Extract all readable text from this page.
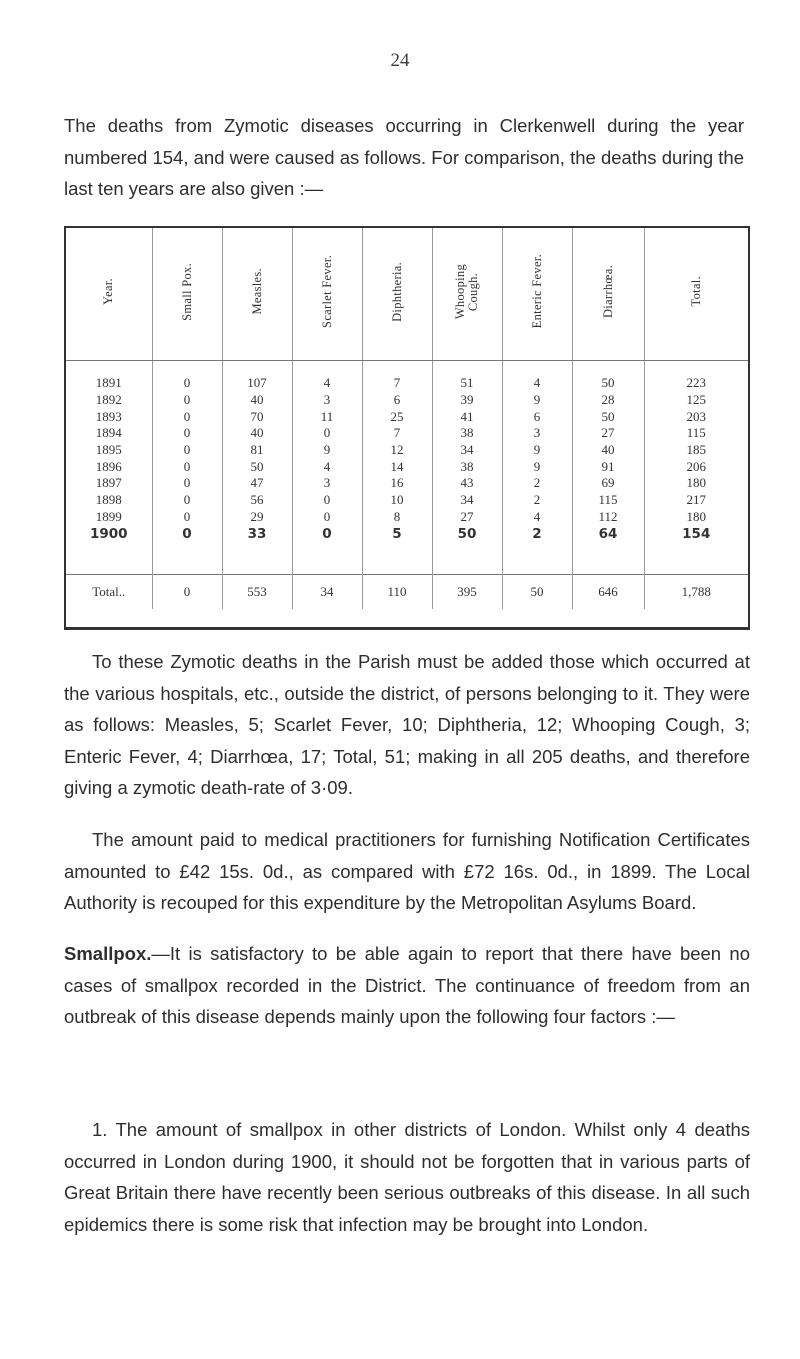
24

The deaths from Zymotic diseases occurring in Clerkenwell during the year numbered 154, and were caused as follows. For comparison, the deaths during the last ten years are also given :—

Year.	Small Pox.	Measles.	Scarlet Fever.	Diphtheria.	Whooping
Cough.	Enteric Fever.	Diarrhœa.	Total.
1891	0	107	4	7	51	4	50	223
1892	0	40	3	6	39	9	28	125
1893	0	70	11	25	41	6	50	203
1894	0	40	0	7	38	3	27	115
1895	0	81	9	12	34	9	40	185
1896	0	50	4	14	38	9	91	206
1897	0	47	3	16	43	2	69	180
1898	0	56	0	10	34	2	115	217
1899	0	29	0	8	27	4	112	180
1900	0	33	0	5	50	2	64	154

Total..	0	553	34	110	395	50	646	1,788

To these Zymotic deaths in the Parish must be added those which occurred at the various hospitals, etc., outside the district, of persons belonging to it. They were as follows: Measles, 5; Scarlet Fever, 10; Diphtheria, 12; Whooping Cough, 3; Enteric Fever, 4; Diarrhœa, 17; Total, 51; making in all 205 deaths, and therefore giving a zymotic death-rate of 3·09.

The amount paid to medical practitioners for furnishing Notification Certificates amounted to £42 15s. 0d., as compared with £72 16s. 0d., in 1899. The Local Authority is recouped for this expenditure by the Metropolitan Asylums Board.

Smallpox.—It is satisfactory to be able again to report that there have been no cases of smallpox recorded in the District. The continuance of freedom from an outbreak of this disease depends mainly upon the following four factors :—

1. The amount of smallpox in other districts of London. Whilst only 4 deaths occurred in London during 1900, it should not be forgotten that in various parts of Great Britain there have recently been serious outbreaks of this disease. In all such epidemics there is some risk that infection may be brought into London.
